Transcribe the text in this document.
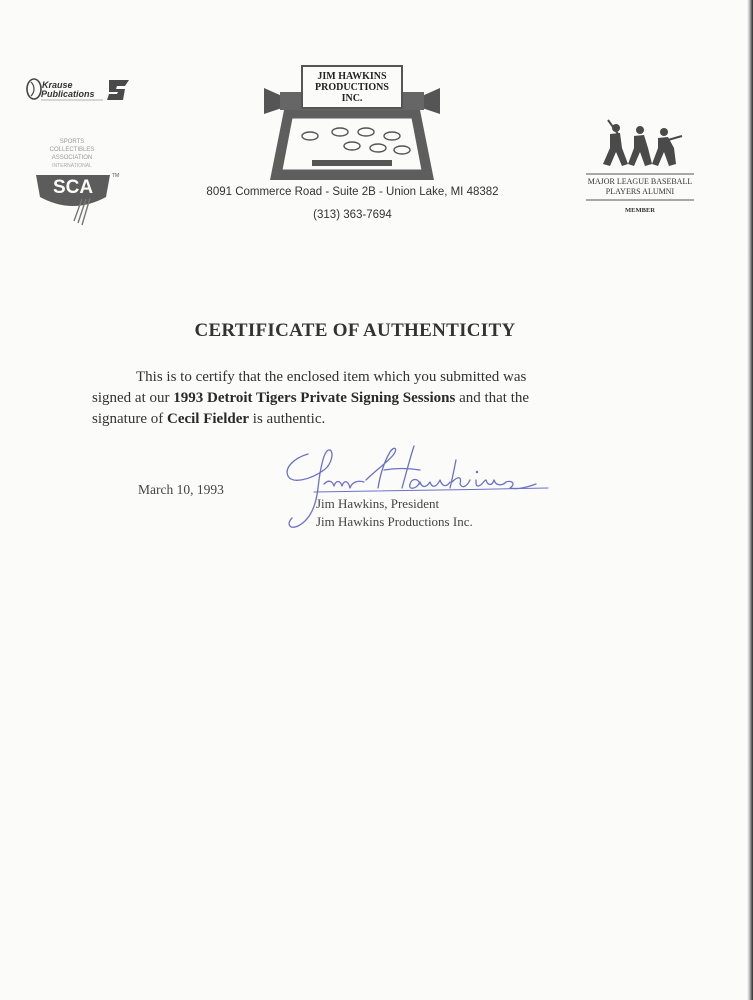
Krause
Publications
SPORTS
COLLECTIBLES
ASSOCIATION
INTERNATIONAL
SCA
TM
JIM HAWKINS
PRODUCTIONS
INC.
8091 Commerce Road - Suite 2B - Union Lake, MI 48382
(313) 363-7694
MAJOR LEAGUE BASEBALL
PLAYERS ALUMNI
MEMBER
CERTIFICATE OF AUTHENTICITY
This is to certify that the enclosed item which you submitted was
signed at our 1993 Detroit Tigers Private Signing Sessions and that the
signature of Cecil Fielder is authentic.
March 10, 1993
Jim Hawkins, President
Jim Hawkins Productions Inc.
